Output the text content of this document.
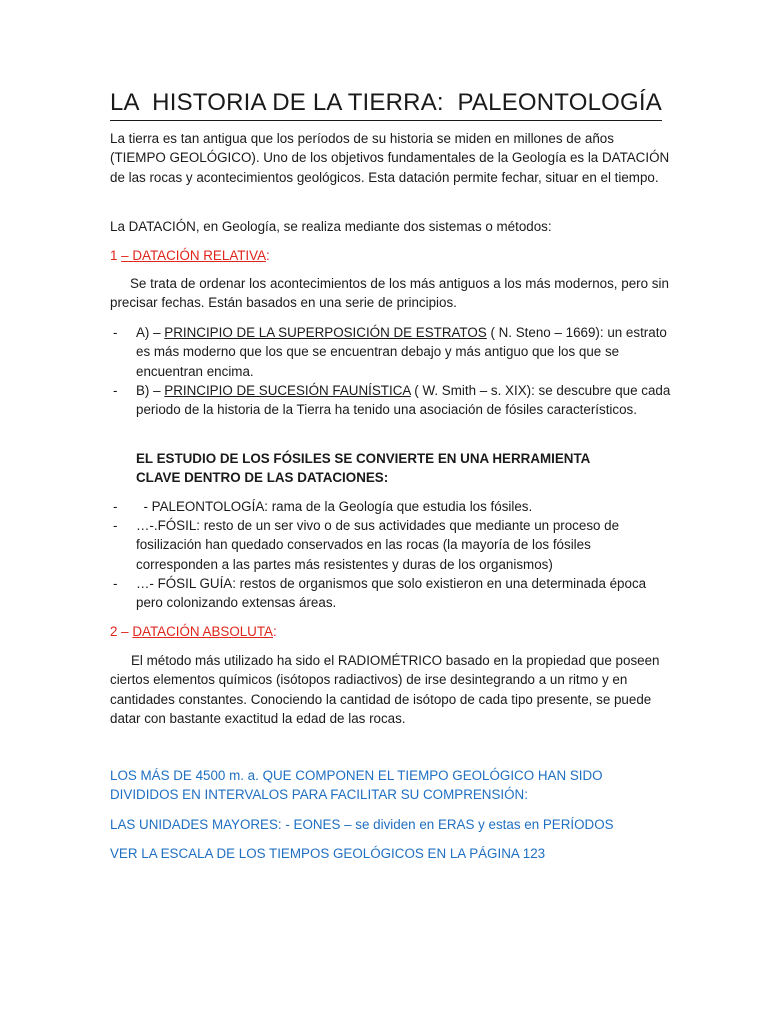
LA  HISTORIA DE LA TIERRA:  PALEONTOLOGÍA

La tierra es tan antigua que los períodos de su historia se miden en millones de años (TIEMPO GEOLÓGICO). Uno de los objetivos fundamentales de la Geología es la DATACIÓN de las rocas y acontecimientos geológicos. Esta datación permite fechar, situar en el tiempo.

La DATACIÓN, en Geología, se realiza mediante dos sistemas o métodos:

1 – DATACIÓN RELATIVA:

Se trata de ordenar los acontecimientos de los más antiguos a los más modernos, pero sin precisar fechas. Están basados en una serie de principios.

-	A) – PRINCIPIO DE LA SUPERPOSICIÓN DE ESTRATOS ( N. Steno – 1669): un estrato es más moderno que los que se encuentran debajo y más antiguo que los que se encuentran encima.

-	B) – PRINCIPIO DE SUCESIÓN FAUNÍSTICA ( W. Smith – s. XIX): se descubre que cada periodo de la historia de la Tierra ha tenido una asociación de fósiles característicos.

EL ESTUDIO DE LOS FÓSILES SE CONVIERTE EN UNA HERRAMIENTA CLAVE DENTRO DE LAS DATACIONES:

-	- PALEONTOLOGÍA: rama de la Geología que estudia los fósiles.

-	…-.FÓSIL: resto de un ser vivo o de sus actividades que mediante un proceso de fosilización han quedado conservados en las rocas (la mayoría de los fósiles corresponden a las partes más resistentes y duras de los organismos)

-	…- FÓSIL GUÍA: restos de organismos que solo existieron en una determinada época pero colonizando extensas áreas.

2 – DATACIÓN ABSOLUTA:

El método más utilizado ha sido el RADIOMÉTRICO basado en la propiedad que poseen ciertos elementos químicos (isótopos radiactivos) de irse desintegrando a un ritmo y en cantidades constantes. Conociendo la cantidad de isótopo de cada tipo presente, se puede datar con bastante exactitud la edad de las rocas.

LOS MÁS DE 4500 m. a. QUE COMPONEN EL TIEMPO GEOLÓGICO HAN SIDO DIVIDIDOS EN INTERVALOS PARA FACILITAR SU COMPRENSIÓN:

LAS UNIDADES MAYORES: - EONES – se dividen en ERAS y estas en PERÍODOS

VER LA ESCALA DE LOS TIEMPOS GEOLÓGICOS EN LA PÁGINA 123
